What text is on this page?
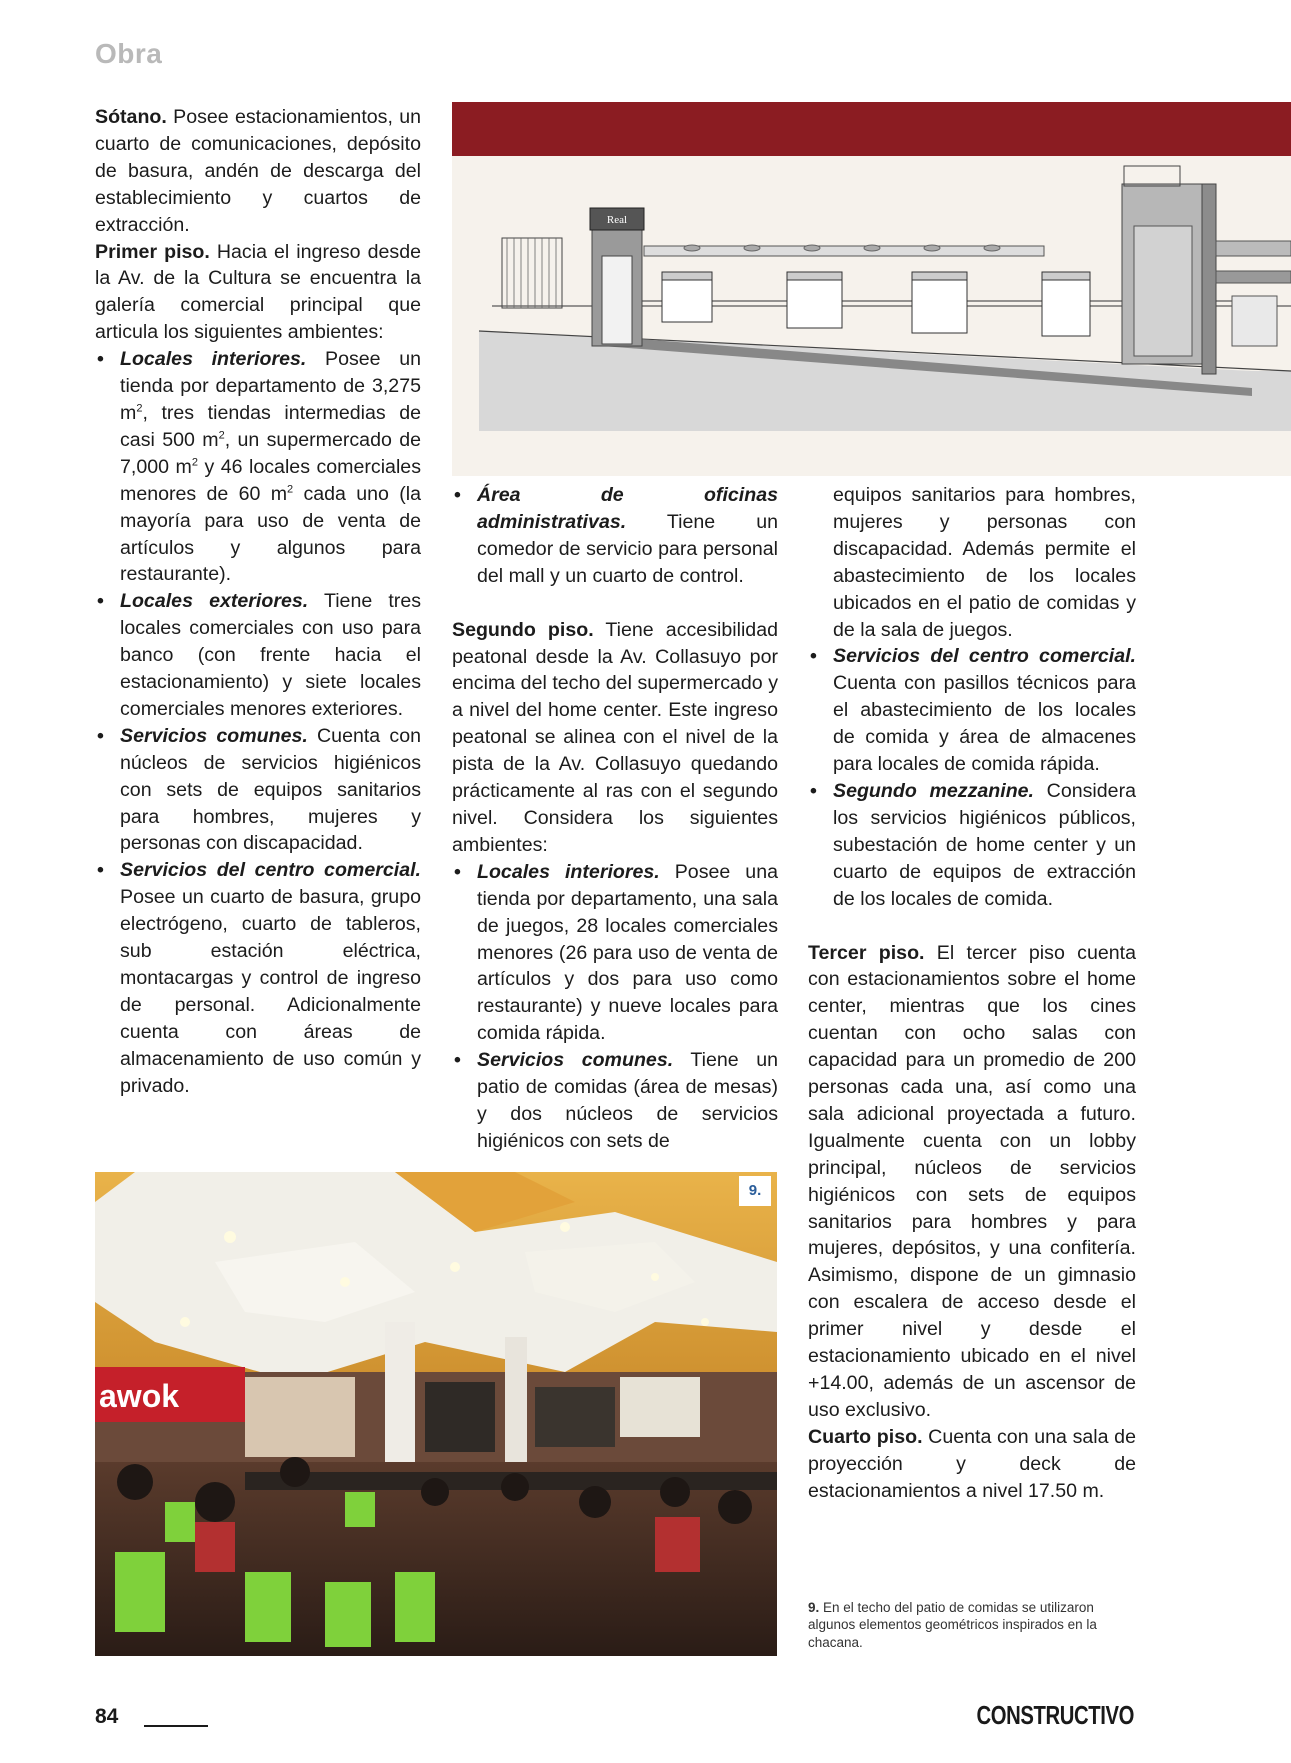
Obra

Sótano. Posee estacionamientos, un cuarto de comunicaciones, depósito de basura, andén de descarga del establecimiento y cuartos de extracción.

Primer piso. Hacia el ingreso desde la Av. de la Cultura se encuentra la galería comercial principal que articula los siguientes ambientes:

• Locales interiores. Posee un tienda por departamento de 3,275 $m^2$, tres tiendas intermedias de casi 500 $m^2$, un supermercado de 7,000 $m^2$ y 46 locales comerciales menores de 60 $m^2$ cada uno (la mayoría para uso de venta de artículos y algunos para restaurante).
• Locales exteriores. Tiene tres locales comerciales con uso para banco (con frente hacia el estacionamiento) y siete locales comerciales menores exteriores.
• Servicios comunes. Cuenta con núcleos de servicios higiénicos con sets de equipos sanitarios para hombres, mujeres y personas con discapacidad.
• Servicios del centro comercial. Posee un cuarto de basura, grupo electrógeno, cuarto de tableros, sub estación eléctrica, montacargas y control de ingreso de personal. Adicionalmente cuenta con áreas de almacenamiento de uso común y privado.
Real
• Área de oficinas administrativas. Tiene un comedor de servicio para personal del mall y un cuarto de control.

Segundo piso. Tiene accesibilidad peatonal desde la Av. Collasuyo por encima del techo del supermercado y a nivel del home center. Este ingreso peatonal se alinea con el nivel de la pista de la Av. Collasuyo quedando prácticamente al ras con el segundo nivel. Considera los siguientes ambientes:

• Locales interiores. Posee una tienda por departamento, una sala de juegos, 28 locales comerciales menores (26 para uso de venta de artículos y dos para uso como restaurante) y nueve locales para comida rápida.
• Servicios comunes. Tiene un patio de comidas (área de mesas) y dos núcleos de servicios higiénicos con sets de

equipos sanitarios para hombres, mujeres y personas con discapacidad. Además permite el abastecimiento de los locales ubicados en el patio de comidas y de la sala de juegos.

• Servicios del centro comercial. Cuenta con pasillos técnicos para el abastecimiento de los locales de comida y área de almacenes para locales de comida rápida.
• Segundo mezzanine. Considera los servicios higiénicos públicos, subestación de home center y un cuarto de equipos de extracción de los locales de comida.

Tercer piso. El tercer piso cuenta con estacionamientos sobre el home center, mientras que los cines cuentan con ocho salas con capacidad para un promedio de 200 personas cada una, así como una sala adicional proyectada a futuro. Igualmente cuenta con un lobby principal, núcleos de servicios higiénicos con sets de equipos sanitarios para hombres y para mujeres, depósitos, y una confitería. Asimismo, dispone de un gimnasio con escalera de acceso desde el primer nivel y desde el estacionamiento ubicado en el nivel +14.00, además de un ascensor de uso exclusivo.

Cuarto piso. Cuenta con una sala de proyección y deck de estacionamientos a nivel 17.50 m.

awok
9.
9. En el techo del patio de comidas se utilizaron algunos elementos geométricos inspirados en la chacana.
84	CONSTRUCTIVO
